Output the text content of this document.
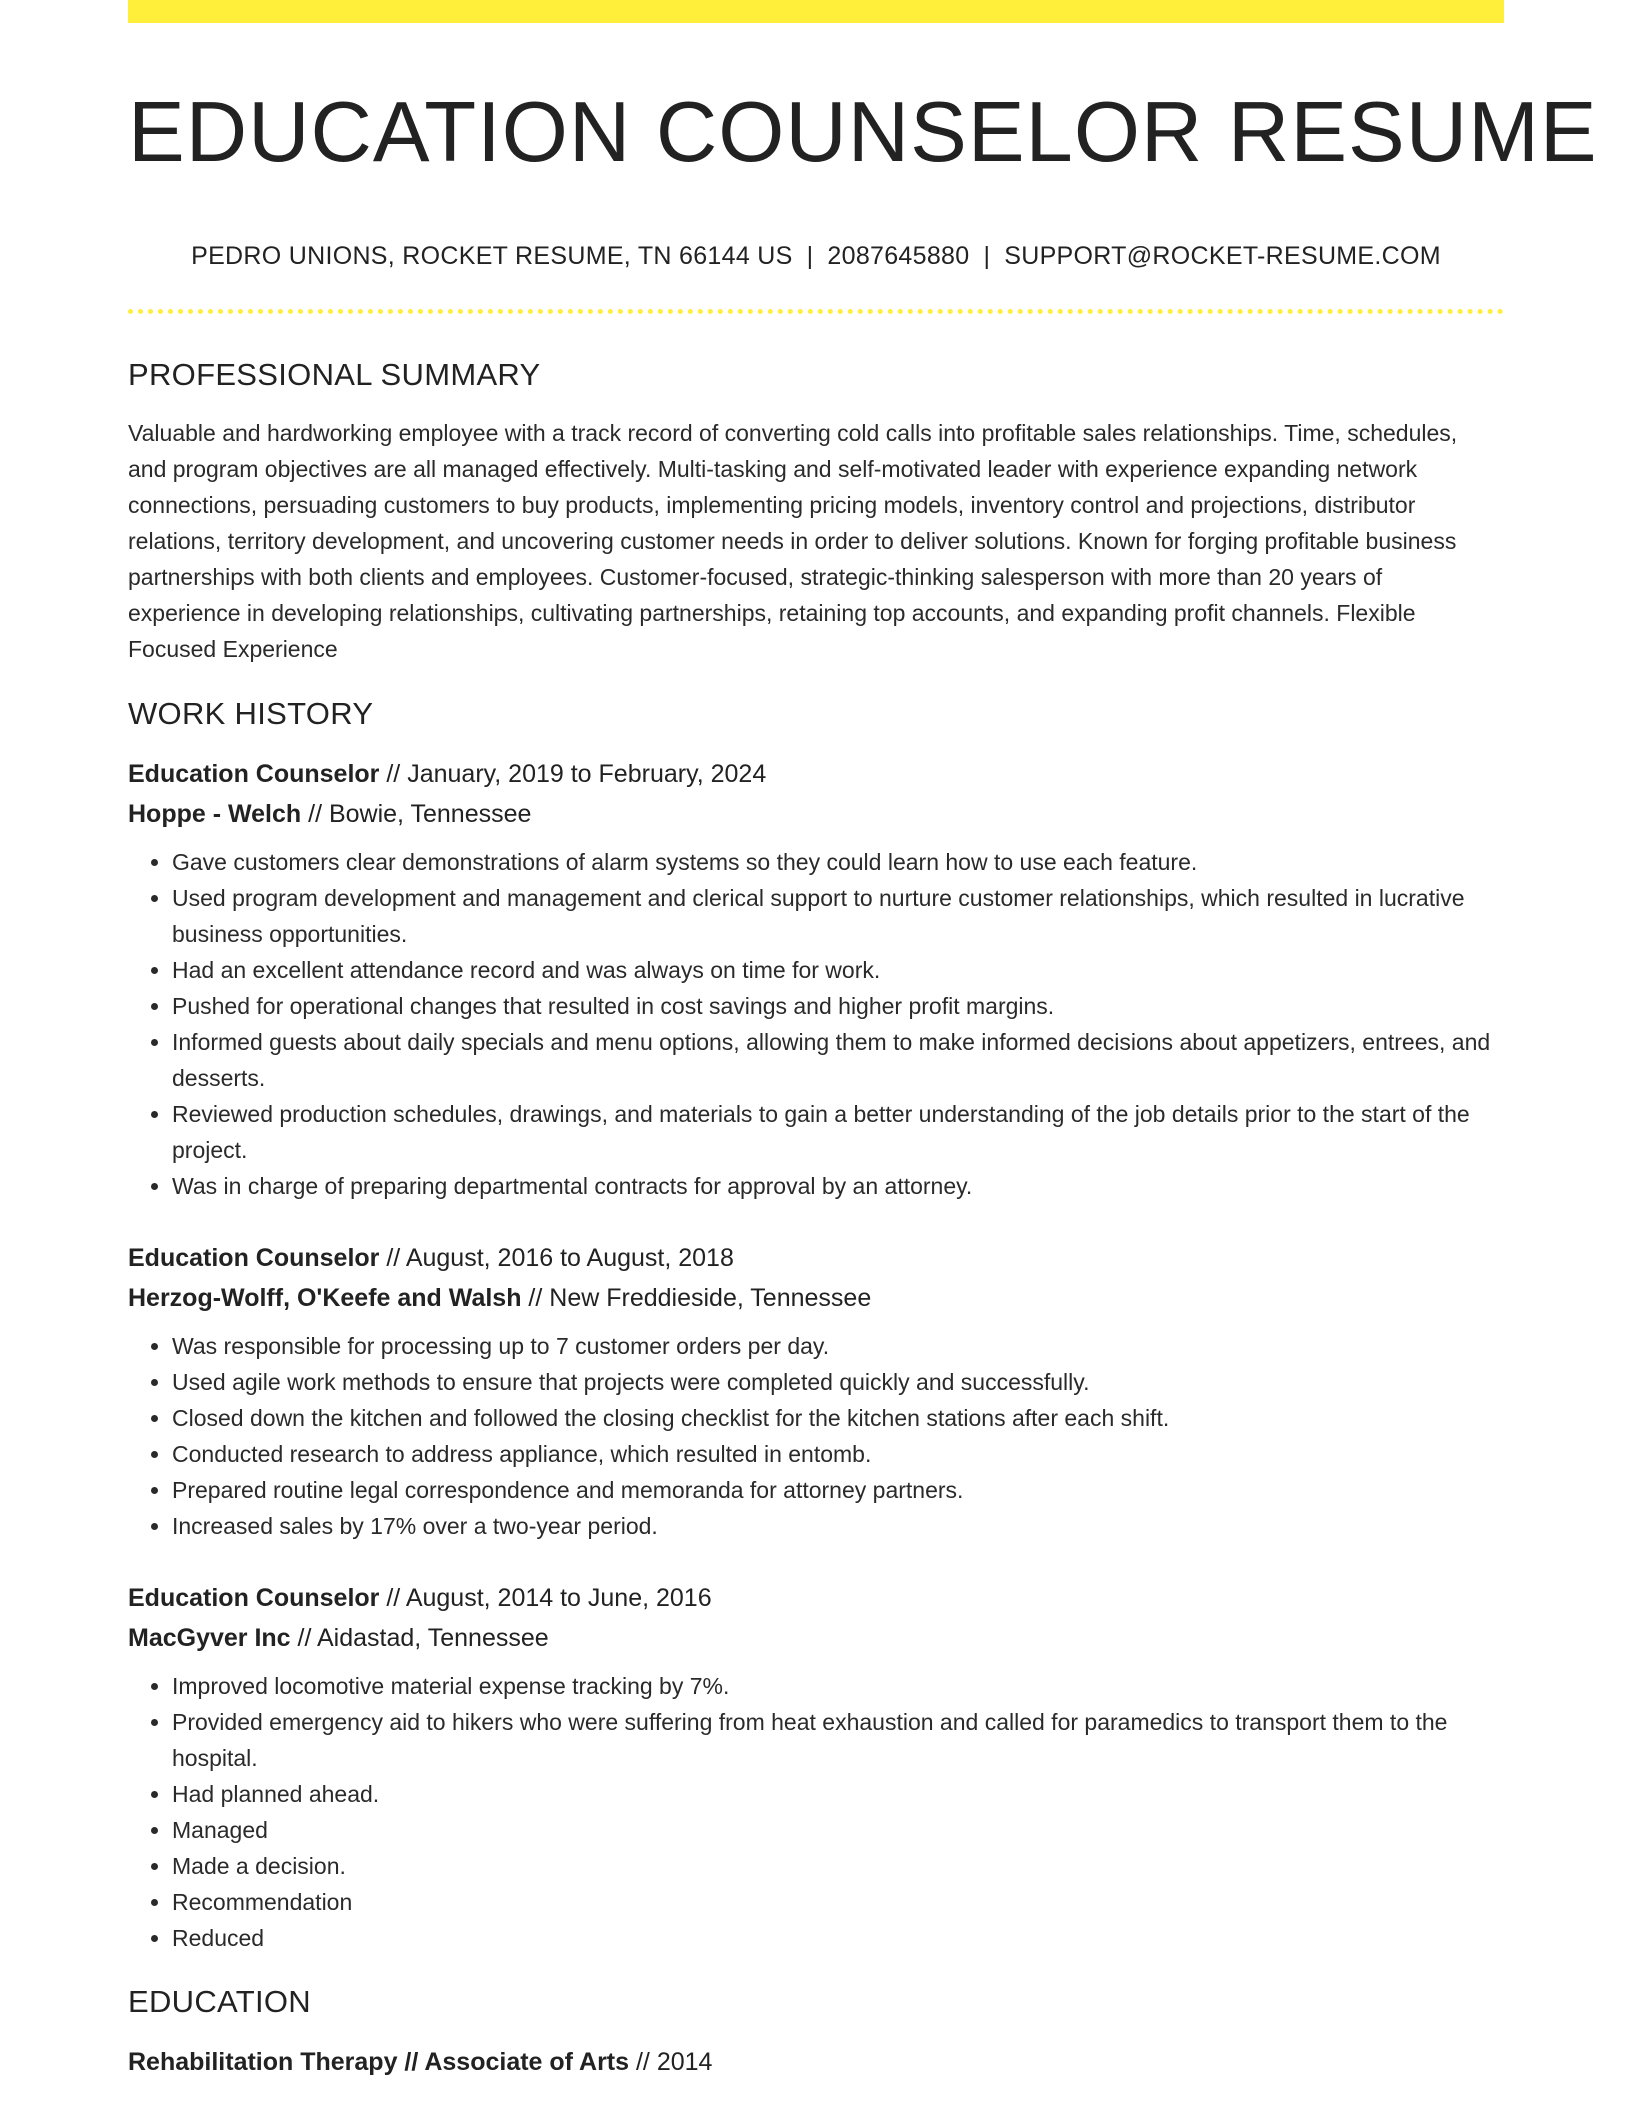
EDUCATION COUNSELOR RESUME
PEDRO UNIONS, ROCKET RESUME, TN 66144 US | 2087645880 | SUPPORT@ROCKET-RESUME.COM
PROFESSIONAL SUMMARY
Valuable and hardworking employee with a track record of converting cold calls into profitable sales relationships. Time, schedules, and program objectives are all managed effectively. Multi-tasking and self-motivated leader with experience expanding network connections, persuading customers to buy products, implementing pricing models, inventory control and projections, distributor relations, territory development, and uncovering customer needs in order to deliver solutions. Known for forging profitable business partnerships with both clients and employees. Customer-focused, strategic-thinking salesperson with more than 20 years of experience in developing relationships, cultivating partnerships, retaining top accounts, and expanding profit channels. Flexible Focused Experience
WORK HISTORY
Education Counselor // January, 2019 to February, 2024
Hoppe - Welch // Bowie, Tennessee
• Gave customers clear demonstrations of alarm systems so they could learn how to use each feature.
• Used program development and management and clerical support to nurture customer relationships, which resulted in lucrative business opportunities.
• Had an excellent attendance record and was always on time for work.
• Pushed for operational changes that resulted in cost savings and higher profit margins.
• Informed guests about daily specials and menu options, allowing them to make informed decisions about appetizers, entrees, and desserts.
• Reviewed production schedules, drawings, and materials to gain a better understanding of the job details prior to the start of the project.
• Was in charge of preparing departmental contracts for approval by an attorney.
Education Counselor // August, 2016 to August, 2018
Herzog-Wolff, O'Keefe and Walsh // New Freddieside, Tennessee
• Was responsible for processing up to 7 customer orders per day.
• Used agile work methods to ensure that projects were completed quickly and successfully.
• Closed down the kitchen and followed the closing checklist for the kitchen stations after each shift.
• Conducted research to address appliance, which resulted in entomb.
• Prepared routine legal correspondence and memoranda for attorney partners.
• Increased sales by 17% over a two-year period.
Education Counselor // August, 2014 to June, 2016
MacGyver Inc // Aidastad, Tennessee
• Improved locomotive material expense tracking by 7%.
• Provided emergency aid to hikers who were suffering from heat exhaustion and called for paramedics to transport them to the hospital.
• Had planned ahead.
• Managed
• Made a decision.
• Recommendation
• Reduced
EDUCATION
Rehabilitation Therapy // Associate of Arts // 2014
